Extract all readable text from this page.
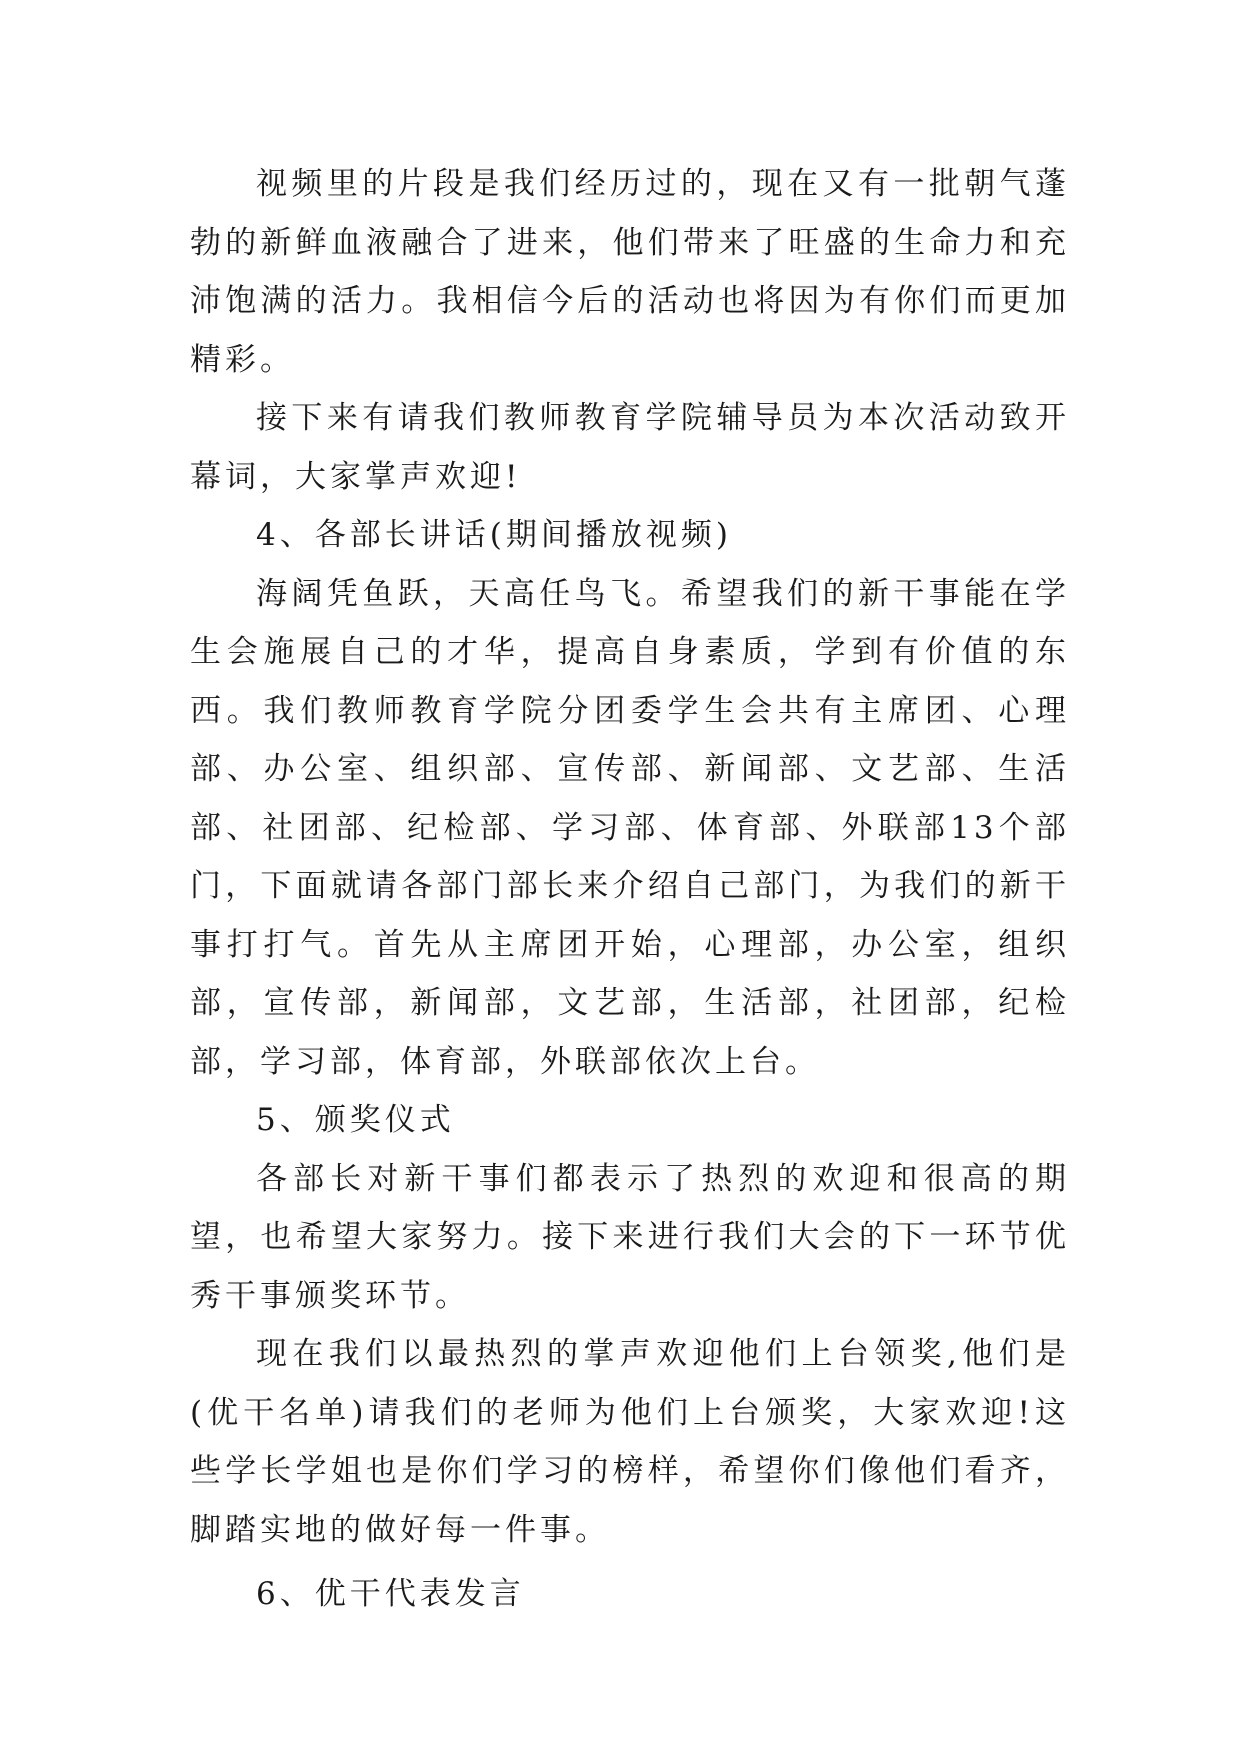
视频里的片段是我们经历过的，现在又有一批朝气蓬勃的新鲜血液融合了进来，他们带来了旺盛的生命力和充沛饱满的活力。我相信今后的活动也将因为有你们而更加精彩。

接下来有请我们教师教育学院辅导员为本次活动致开幕词，大家掌声欢迎!

4、各部长讲话(期间播放视频)

海阔凭鱼跃，天高任鸟飞。希望我们的新干事能在学生会施展自己的才华，提高自身素质，学到有价值的东西。我们教师教育学院分团委学生会共有主席团、心理部、办公室、组织部、宣传部、新闻部、文艺部、生活部、社团部、纪检部、学习部、体育部、外联部13个部门，下面就请各部门部长来介绍自己部门，为我们的新干事打打气。首先从主席团开始，心理部，办公室，组织部，宣传部，新闻部，文艺部，生活部，社团部，纪检部，学习部，体育部，外联部依次上台。

5、颁奖仪式

各部长对新干事们都表示了热烈的欢迎和很高的期望，也希望大家努力。接下来进行我们大会的下一环节优秀干事颁奖环节。

现在我们以最热烈的掌声欢迎他们上台领奖,他们是(优干名单)请我们的老师为他们上台颁奖，大家欢迎!这些学长学姐也是你们学习的榜样，希望你们像他们看齐，脚踏实地的做好每一件事。

6、优干代表发言
